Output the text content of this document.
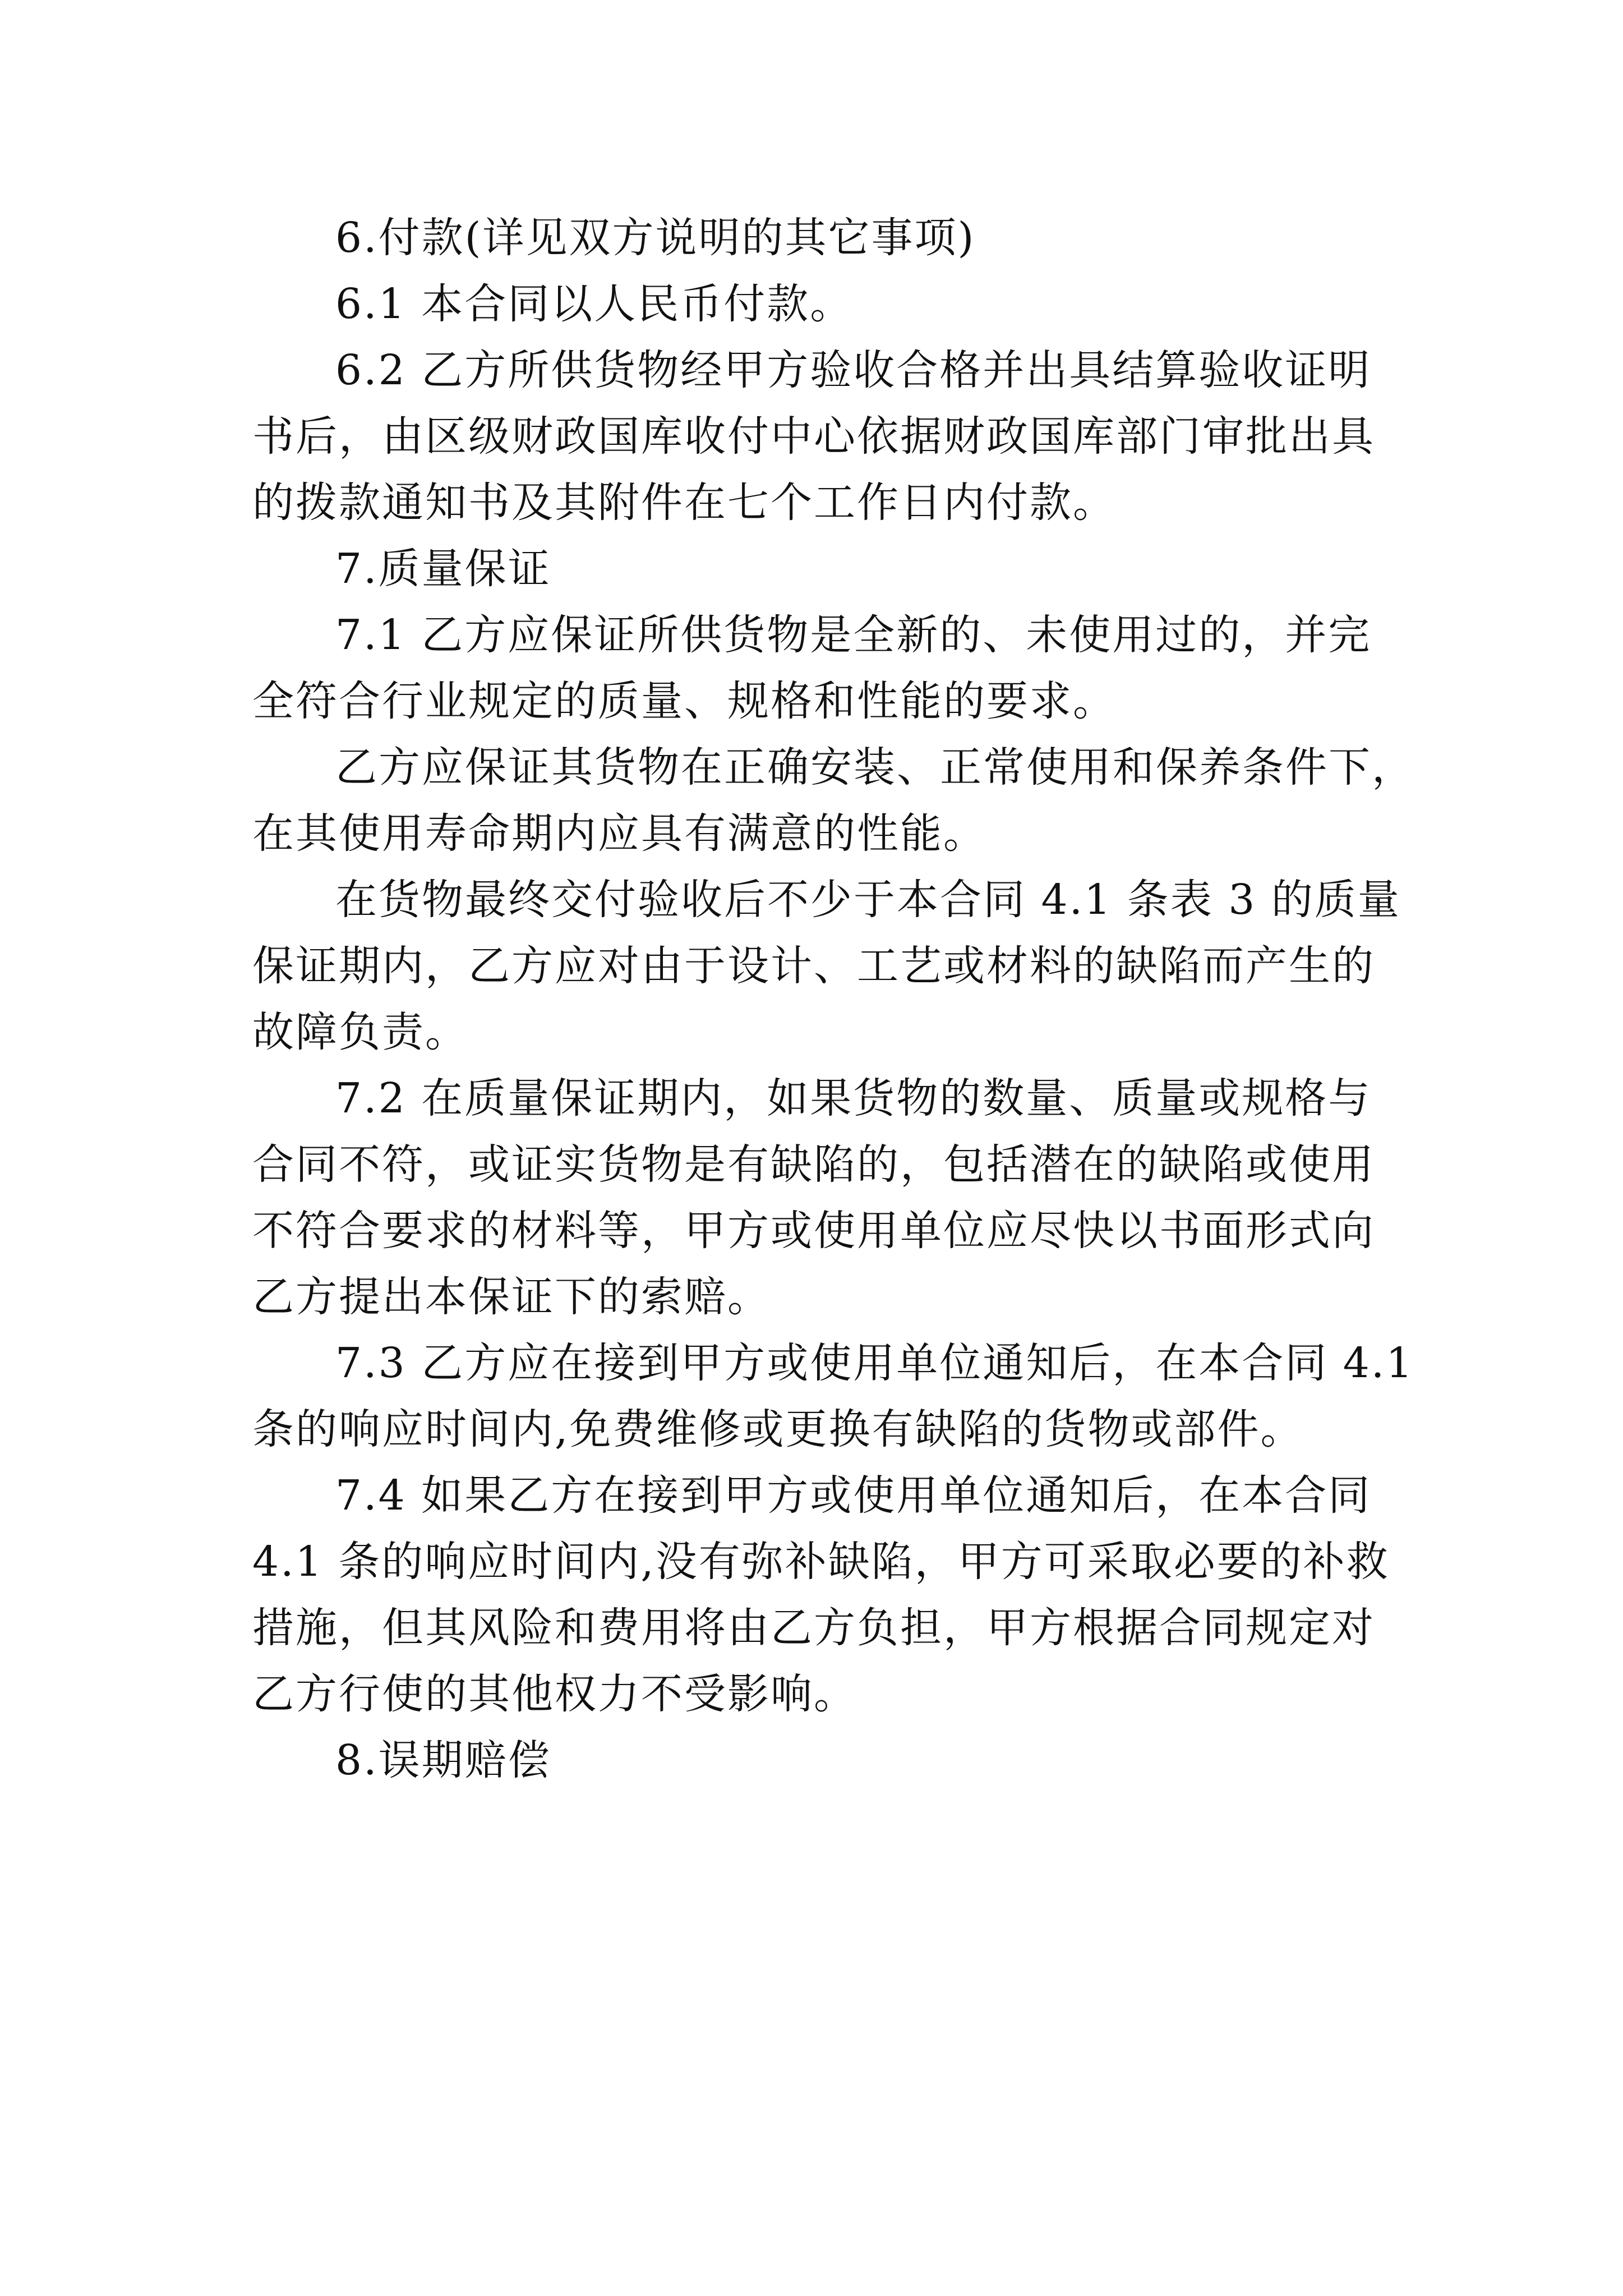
6.付款(详见双方说明的其它事项)
6.1 本合同以人民币付款。
6.2 乙方所供货物经甲方验收合格并出具结算验收证明
书后，由区级财政国库收付中心依据财政国库部门审批出具
的拨款通知书及其附件在七个工作日内付款。
7.质量保证
7.1 乙方应保证所供货物是全新的、未使用过的，并完
全符合行业规定的质量、规格和性能的要求。
乙方应保证其货物在正确安装、正常使用和保养条件下，
在其使用寿命期内应具有满意的性能。
在货物最终交付验收后不少于本合同 4.1 条表 3 的质量
保证期内，乙方应对由于设计、工艺或材料的缺陷而产生的
故障负责。
7.2 在质量保证期内，如果货物的数量、质量或规格与
合同不符，或证实货物是有缺陷的，包括潜在的缺陷或使用
不符合要求的材料等，甲方或使用单位应尽快以书面形式向
乙方提出本保证下的索赔。
7.3 乙方应在接到甲方或使用单位通知后，在本合同 4.1
条的响应时间内,免费维修或更换有缺陷的货物或部件。
7.4 如果乙方在接到甲方或使用单位通知后，在本合同
4.1 条的响应时间内,没有弥补缺陷，甲方可采取必要的补救
措施，但其风险和费用将由乙方负担，甲方根据合同规定对
乙方行使的其他权力不受影响。
8.误期赔偿
